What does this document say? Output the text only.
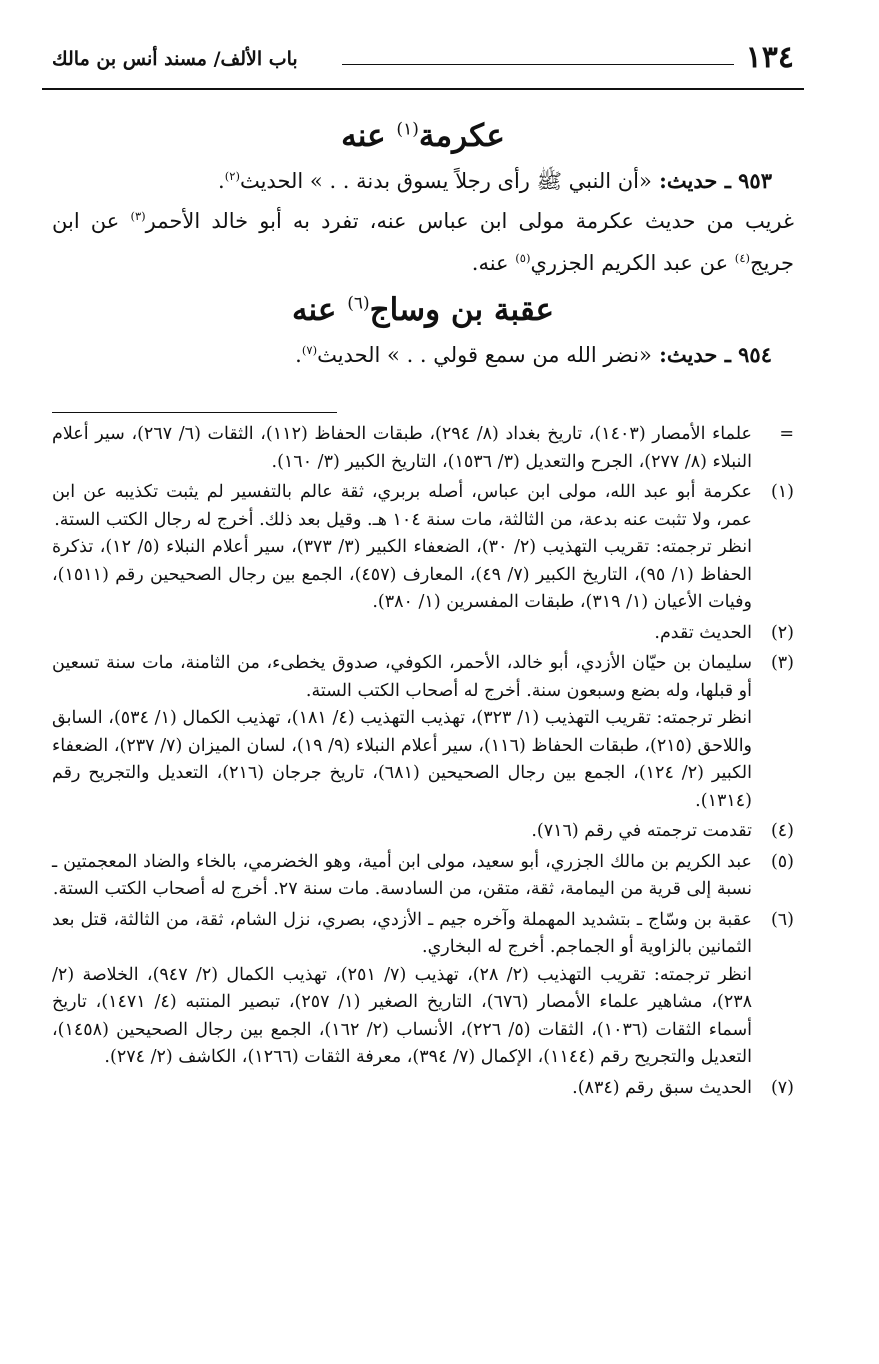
١٣٤
باب الألف/ مسند أنس بن مالك
عكرمة$^{(١)}$ عنه
٩٥٣ ـ حديث: «أن النبي ﷺ رأى رجلاً يسوق بدنة . . » الحديث$^{(٢)}$.
غريب من حديث عكرمة مولى ابن عباس عنه، تفرد به أبو خالد الأحمر$^{(٣)}$ عن ابن جريج$^{(٤)}$ عن عبد الكريم الجزري$^{(٥)}$ عنه.
عقبة بن وساج$^{(٦)}$ عنه
٩٥٤ ـ حديث: «نضر الله من سمع قولي . . » الحديث$^{(٧)}$.
=

علماء الأمصار (١٤٠٣)، تاريخ بغداد (٨/ ٢٩٤)، طبقات الحفاظ (١١٢)، الثقات (٦/ ٢٦٧)، سير أعلام النبلاء (٨/ ٢٧٧)، الجرح والتعديل (٣/ ١٥٣٦)، التاريخ الكبير (٣/ ١٦٠).

(١)

عكرمة أبو عبد الله، مولى ابن عباس، أصله بربري، ثقة عالم بالتفسير لم يثبت تكذيبه عن ابن عمر، ولا تثبت عنه بدعة، من الثالثة، مات سنة ١٠٤ هـ. وقيل بعد ذلك. أخرج له رجال الكتب الستة.

انظر ترجمته: تقريب التهذيب (٢/ ٣٠)، الضعفاء الكبير (٣/ ٣٧٣)، سير أعلام النبلاء (٥/ ١٢)، تذكرة الحفاظ (١/ ٩٥)، التاريخ الكبير (٧/ ٤٩)، المعارف (٤٥٧)، الجمع بين رجال الصحيحين رقم (١٥١١)، وفيات الأعيان (١/ ٣١٩)، طبقات المفسرين (١/ ٣٨٠).

(٢)

الحديث تقدم.

(٣)

سليمان بن حيّان الأزدي، أبو خالد، الأحمر، الكوفي، صدوق يخطىء، من الثامنة، مات سنة تسعين أو قبلها، وله بضع وسبعون سنة. أخرج له أصحاب الكتب الستة.

انظر ترجمته: تقريب التهذيب (١/ ٣٢٣)، تهذيب التهذيب (٤/ ١٨١)، تهذيب الكمال (١/ ٥٣٤)، السابق واللاحق (٢١٥)، طبقات الحفاظ (١١٦)، سير أعلام النبلاء (٩/ ١٩)، لسان الميزان (٧/ ٢٣٧)، الضعفاء الكبير (٢/ ١٢٤)، الجمع بين رجال الصحيحين (٦٨١)، تاريخ جرجان (٢١٦)، التعديل والتجريح رقم (١٣١٤).

(٤)

تقدمت ترجمته في رقم (٧١٦).

(٥)

عبد الكريم بن مالك الجزري، أبو سعيد، مولى ابن أمية، وهو الخضرمي، بالخاء والضاد المعجمتين ـ نسبة إلى قرية من اليمامة، ثقة، متقن، من السادسة. مات سنة ٢٧. أخرج له أصحاب الكتب الستة.

(٦)

عقبة بن وسّاج ـ بتشديد المهملة وآخره جيم ـ الأزدي، بصري، نزل الشام، ثقة، من الثالثة، قتل بعد الثمانين بالزاوية أو الجماجم. أخرج له البخاري.

انظر ترجمته: تقريب التهذيب (٢/ ٢٨)، تهذيب (٧/ ٢٥١)، تهذيب الكمال (٢/ ٩٤٧)، الخلاصة (٢/ ٢٣٨)، مشاهير علماء الأمصار (٦٧٦)، التاريخ الصغير (١/ ٢٥٧)، تبصير المنتبه (٤/ ١٤٧١)، تاريخ أسماء الثقات (١٠٣٦)، الثقات (٥/ ٢٢٦)، الأنساب (٢/ ١٦٢)، الجمع بين رجال الصحيحين (١٤٥٨)، التعديل والتجريح رقم (١١٤٤)، الإكمال (٧/ ٣٩٤)، معرفة الثقات (١٢٦٦)، الكاشف (٢/ ٢٧٤).

(٧)

الحديث سبق رقم (٨٣٤).
